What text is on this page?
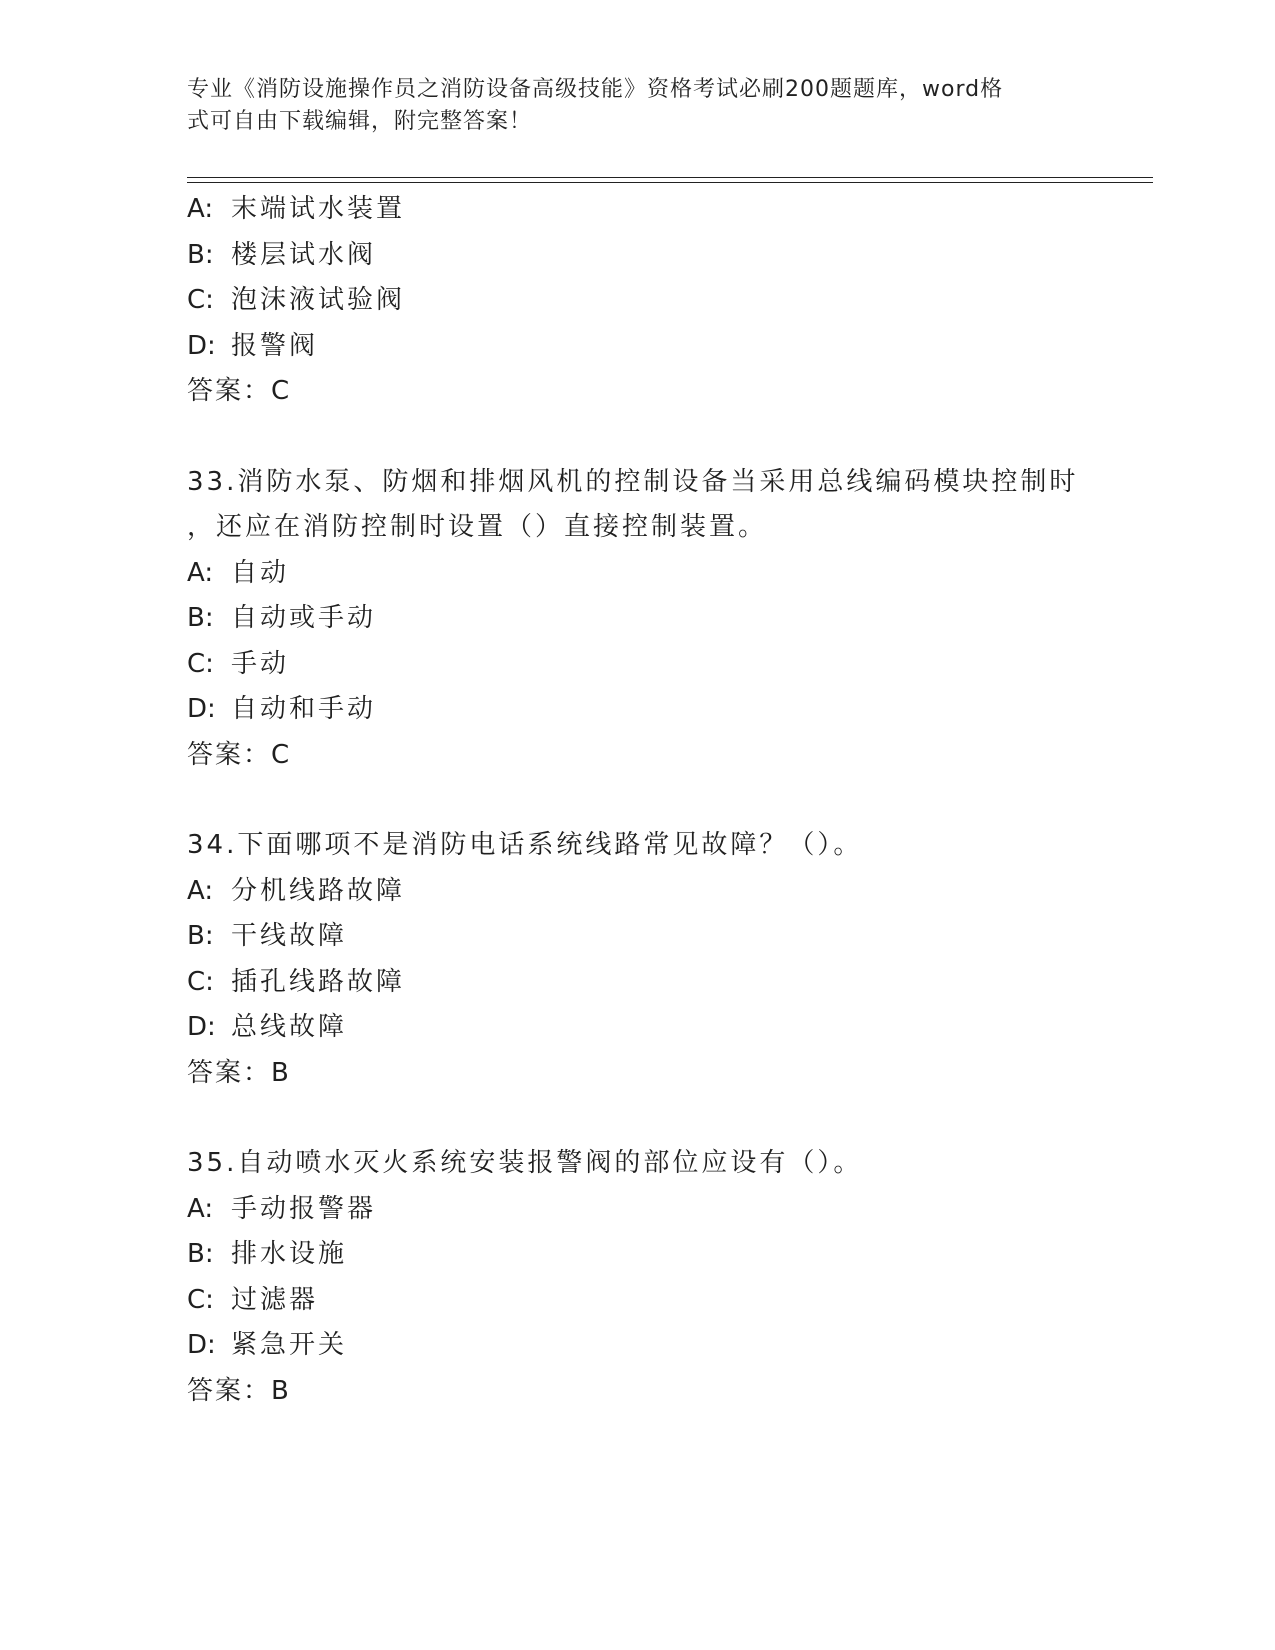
专业《消防设施操作员之消防设备高级技能》资格考试必刷200题题库，word格
式可自由下载编辑，附完整答案！
A: 末端试水装置
B: 楼层试水阀
C: 泡沫液试验阀
D: 报警阀
答案：C
33.消防水泵、防烟和排烟风机的控制设备当采用总线编码模块控制时
，还应在消防控制时设置（）直接控制装置。
A: 自动
B: 自动或手动
C: 手动
D: 自动和手动
答案：C
34.下面哪项不是消防电话系统线路常见故障？（）。
A: 分机线路故障
B: 干线故障
C: 插孔线路故障
D: 总线故障
答案：B
35.自动喷水灭火系统安装报警阀的部位应设有（）。
A: 手动报警器
B: 排水设施
C: 过滤器
D: 紧急开关
答案：B
